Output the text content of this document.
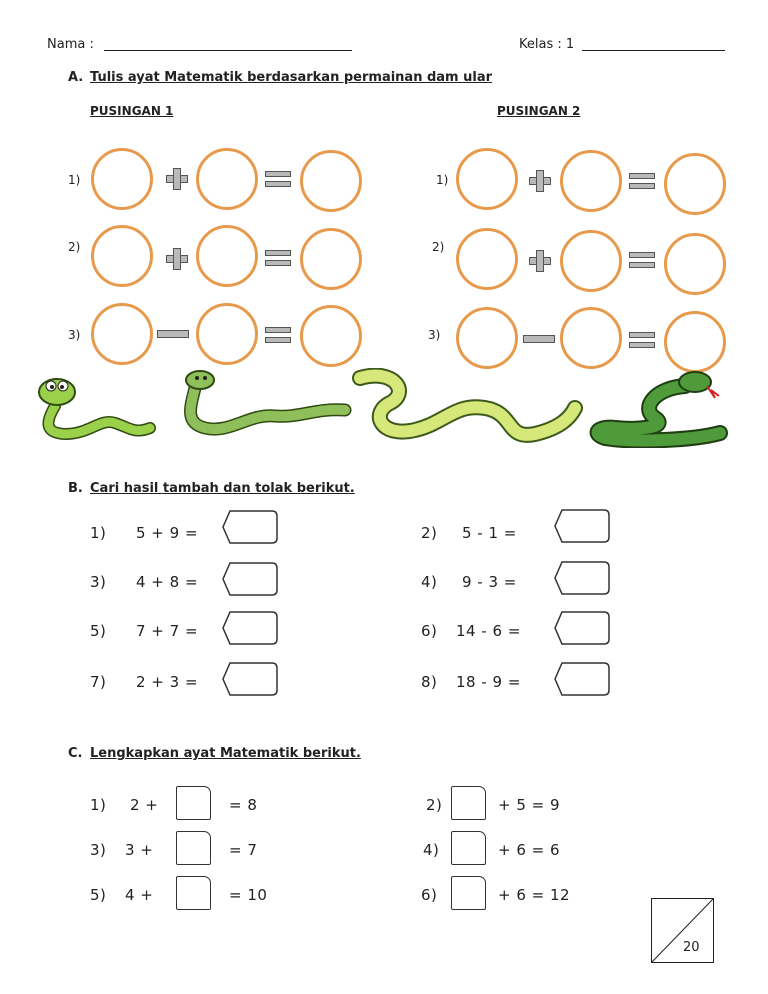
Nama :	Kelas : 1
A. Tulis ayat Matematik berdasarkan permainan dam ular
PUSINGAN 1	PUSINGAN 2
1)
2)
3)
1)
2)
3)
B. Cari hasil tambah dan tolak berikut.
1) 5 + 9 =	2) 5 - 1 =
3) 4 + 8 =	4) 9 - 3 =
5) 7 + 7 =	6) 14 - 6 =
7) 2 + 3 =	8) 18 - 9 =
C. Lengkapkan ayat Matematik berikut.
1) 2 +	= 8	2)	+ 5 = 9
3) 3 +	= 7	4)	+ 6 = 6
5) 4 +	= 10	6)	+ 6 = 12
20
